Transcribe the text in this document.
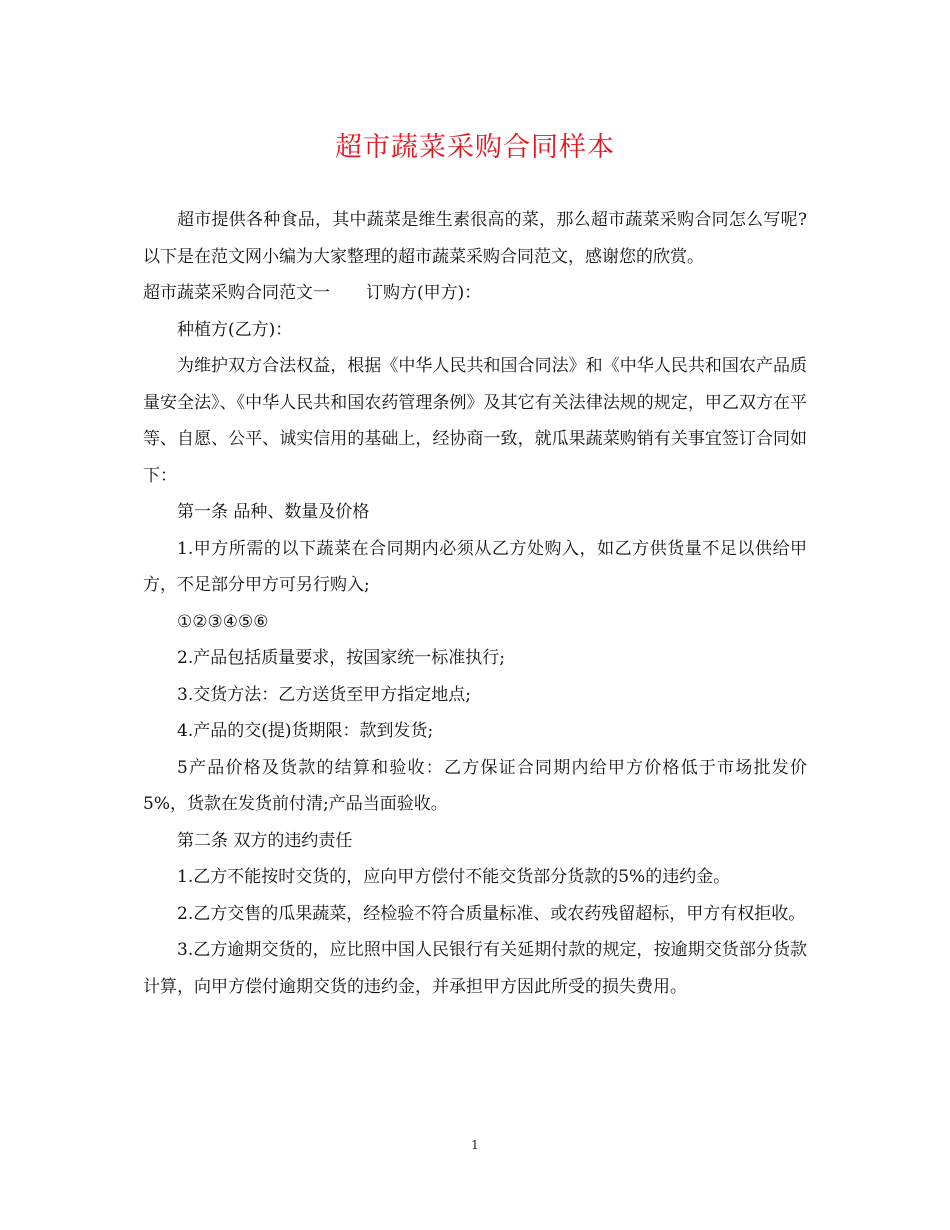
超市蔬菜采购合同样本

超市提供各种食品，其中蔬菜是维生素很高的菜，那么超市蔬菜采购合同怎么写呢?以下是在范文网小编为大家整理的超市蔬菜采购合同范文，感谢您的欣赏。

超市蔬菜采购合同范文一 订购方(甲方)：

种植方(乙方)：

为维护双方合法权益，根据《中华人民共和国合同法》和《中华人民共和国农产品质量安全法》、《中华人民共和国农药管理条例》及其它有关法律法规的规定，甲乙双方在平等、自愿、公平、诚实信用的基础上，经协商一致，就瓜果蔬菜购销有关事宜签订合同如下：

第一条 品种、数量及价格

1.甲方所需的以下蔬菜在合同期内必须从乙方处购入，如乙方供货量不足以供给甲方，不足部分甲方可另行购入;

①②③④⑤⑥

2.产品包括质量要求，按国家统一标准执行;

3.交货方法：乙方送货至甲方指定地点;

4.产品的交(提)货期限：款到发货;

5产品价格及货款的结算和验收：乙方保证合同期内给甲方价格低于市场批发价5%，货款在发货前付清;产品当面验收。

第二条 双方的违约责任

1.乙方不能按时交货的，应向甲方偿付不能交货部分货款的5%的违约金。

2.乙方交售的瓜果蔬菜，经检验不符合质量标准、或农药残留超标，甲方有权拒收。

3.乙方逾期交货的，应比照中国人民银行有关延期付款的规定，按逾期交货部分货款计算，向甲方偿付逾期交货的违约金，并承担甲方因此所受的损失费用。

1
